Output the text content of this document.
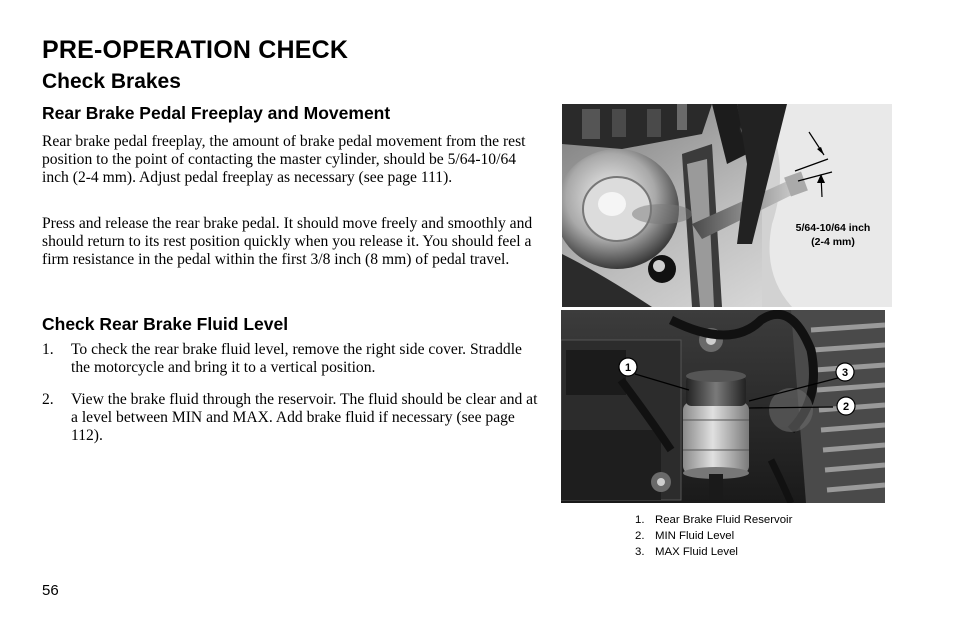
PRE-OPERATION CHECK
Check Brakes
Rear Brake Pedal Freeplay and Movement

Rear brake pedal freeplay, the amount of brake pedal movement from the rest position to the point of contacting the master cylinder, should be 5/64-10/64 inch (2-4 mm). Adjust pedal freeplay as necessary (see page 111).

Press and release the rear brake pedal. It should move freely and smoothly and should return to its rest position quickly when you release it. You should feel a firm resistance in the pedal within the first 3/8 inch (8 mm) of pedal travel.

Check Rear Brake Fluid Level
1. To check the rear brake fluid level, remove the right side cover. Straddle the motorcycle and bring it to a vertical position.
2. View the brake fluid through the reservoir. The fluid should be clear and at a level between MIN and MAX. Add brake fluid if necessary (see page 112).
5/64-10/64 inch
(2-4 mm)
1	3
2
1. Rear Brake Fluid Reservoir
2. MIN Fluid Level
3. MAX Fluid Level
56
